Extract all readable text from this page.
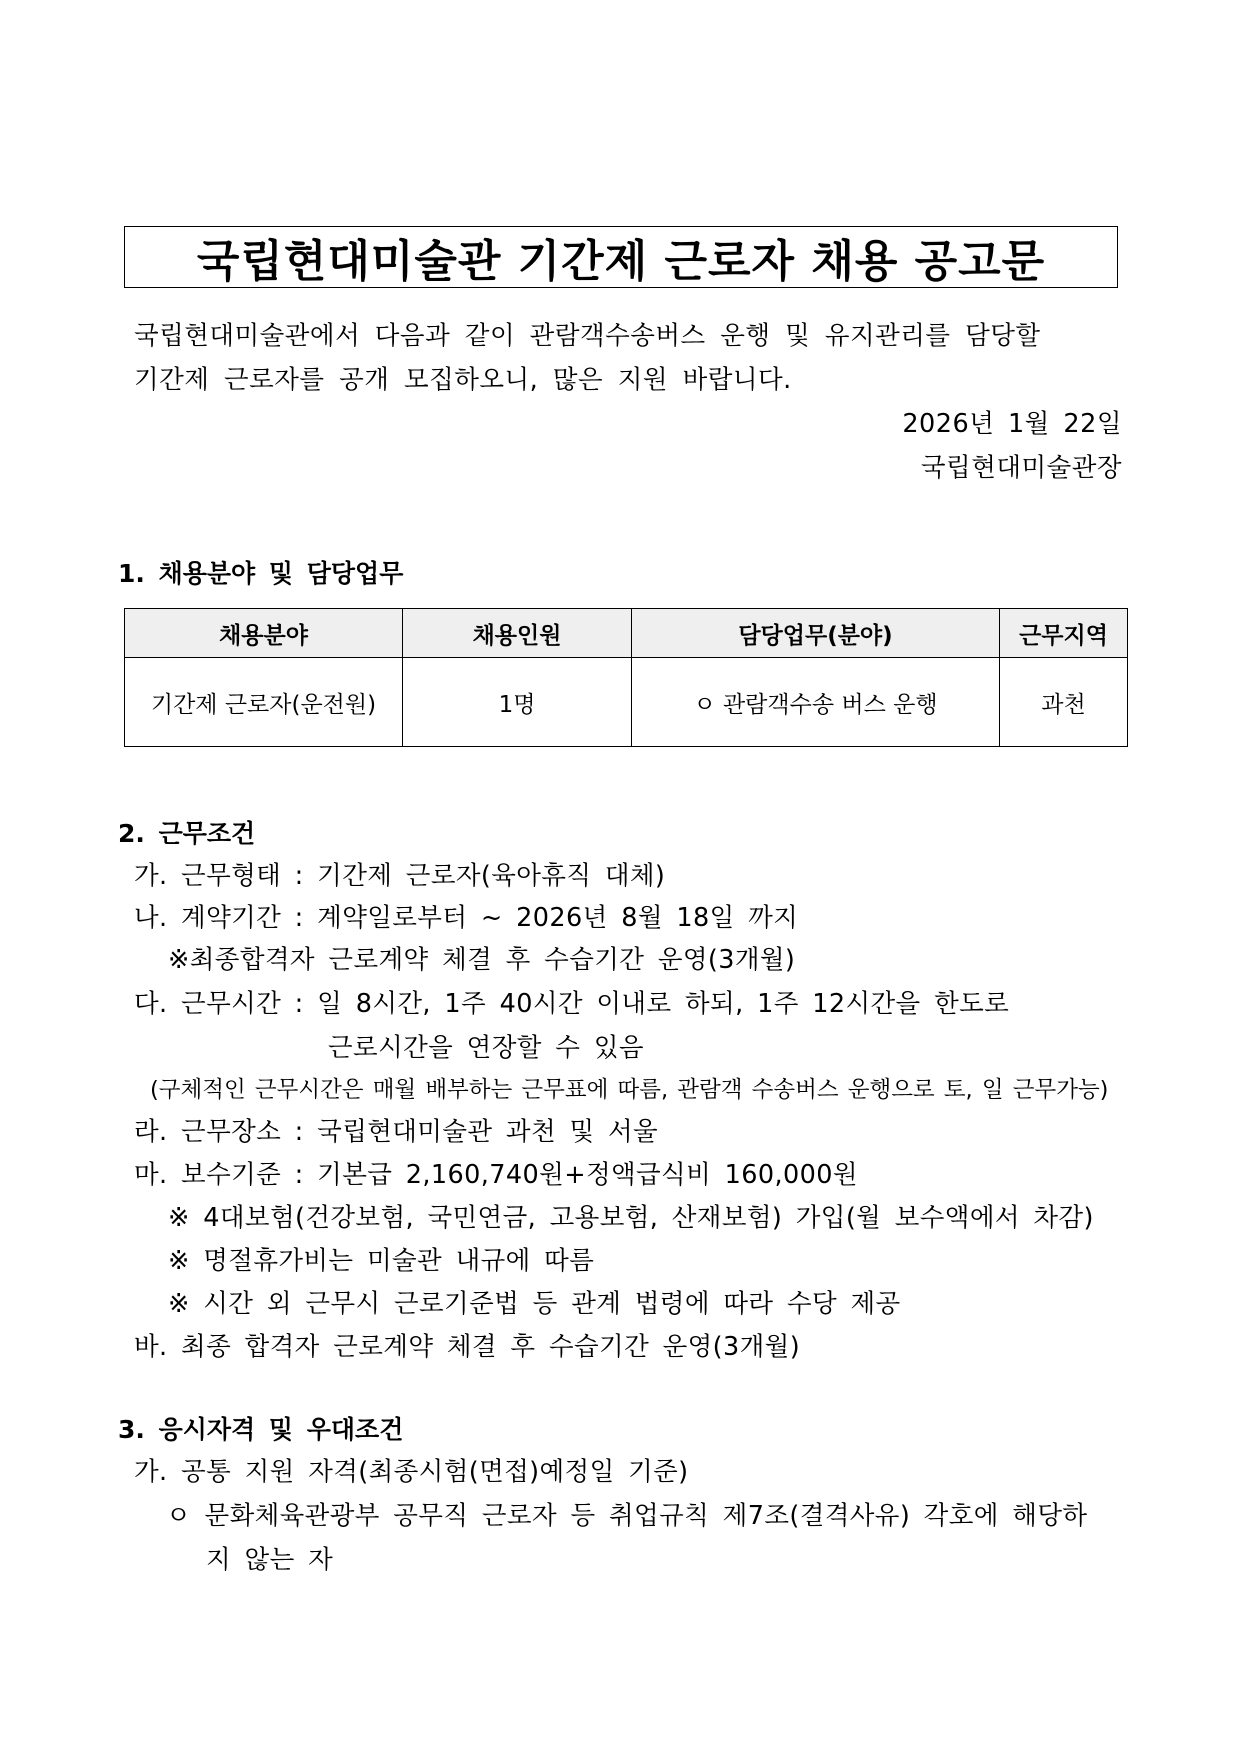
국립현대미술관 기간제 근로자 채용 공고문
국립현대미술관에서 다음과 같이 관람객수송버스 운행 및 유지관리를 담당할
기간제 근로자를 공개 모집하오니, 많은 지원 바랍니다.
2026년 1월 22일
국립현대미술관장
1. 채용분야 및 담당업무
채용분야	채용인원	담당업무(분야)	근무지역
기간제 근로자(운전원)	1명	ㅇ 관람객수송 버스 운행	과천
2. 근무조건
가. 근무형태 : 기간제 근로자(육아휴직 대체)
나. 계약기간 : 계약일로부터 ~ 2026년 8월 18일 까지
※최종합격자 근로계약 체결 후 수습기간 운영(3개월)
다. 근무시간 : 일 8시간, 1주 40시간 이내로 하되, 1주 12시간을 한도로
근로시간을 연장할 수 있음
(구체적인 근무시간은 매월 배부하는 근무표에 따름, 관람객 수송버스 운행으로 토, 일 근무가능)
라. 근무장소 : 국립현대미술관 과천 및 서울
마. 보수기준 : 기본급 2,160,740원+정액급식비 160,000원
※ 4대보험(건강보험, 국민연금, 고용보험, 산재보험) 가입(월 보수액에서 차감)
※ 명절휴가비는 미술관 내규에 따름
※ 시간 외 근무시 근로기준법 등 관계 법령에 따라 수당 제공
바. 최종 합격자 근로계약 체결 후 수습기간 운영(3개월)
3. 응시자격 및 우대조건
가. 공통 지원 자격(최종시험(면접)예정일 기준)
ㅇ 문화체육관광부 공무직 근로자 등 취업규칙 제7조(결격사유) 각호에 해당하
지 않는 자
